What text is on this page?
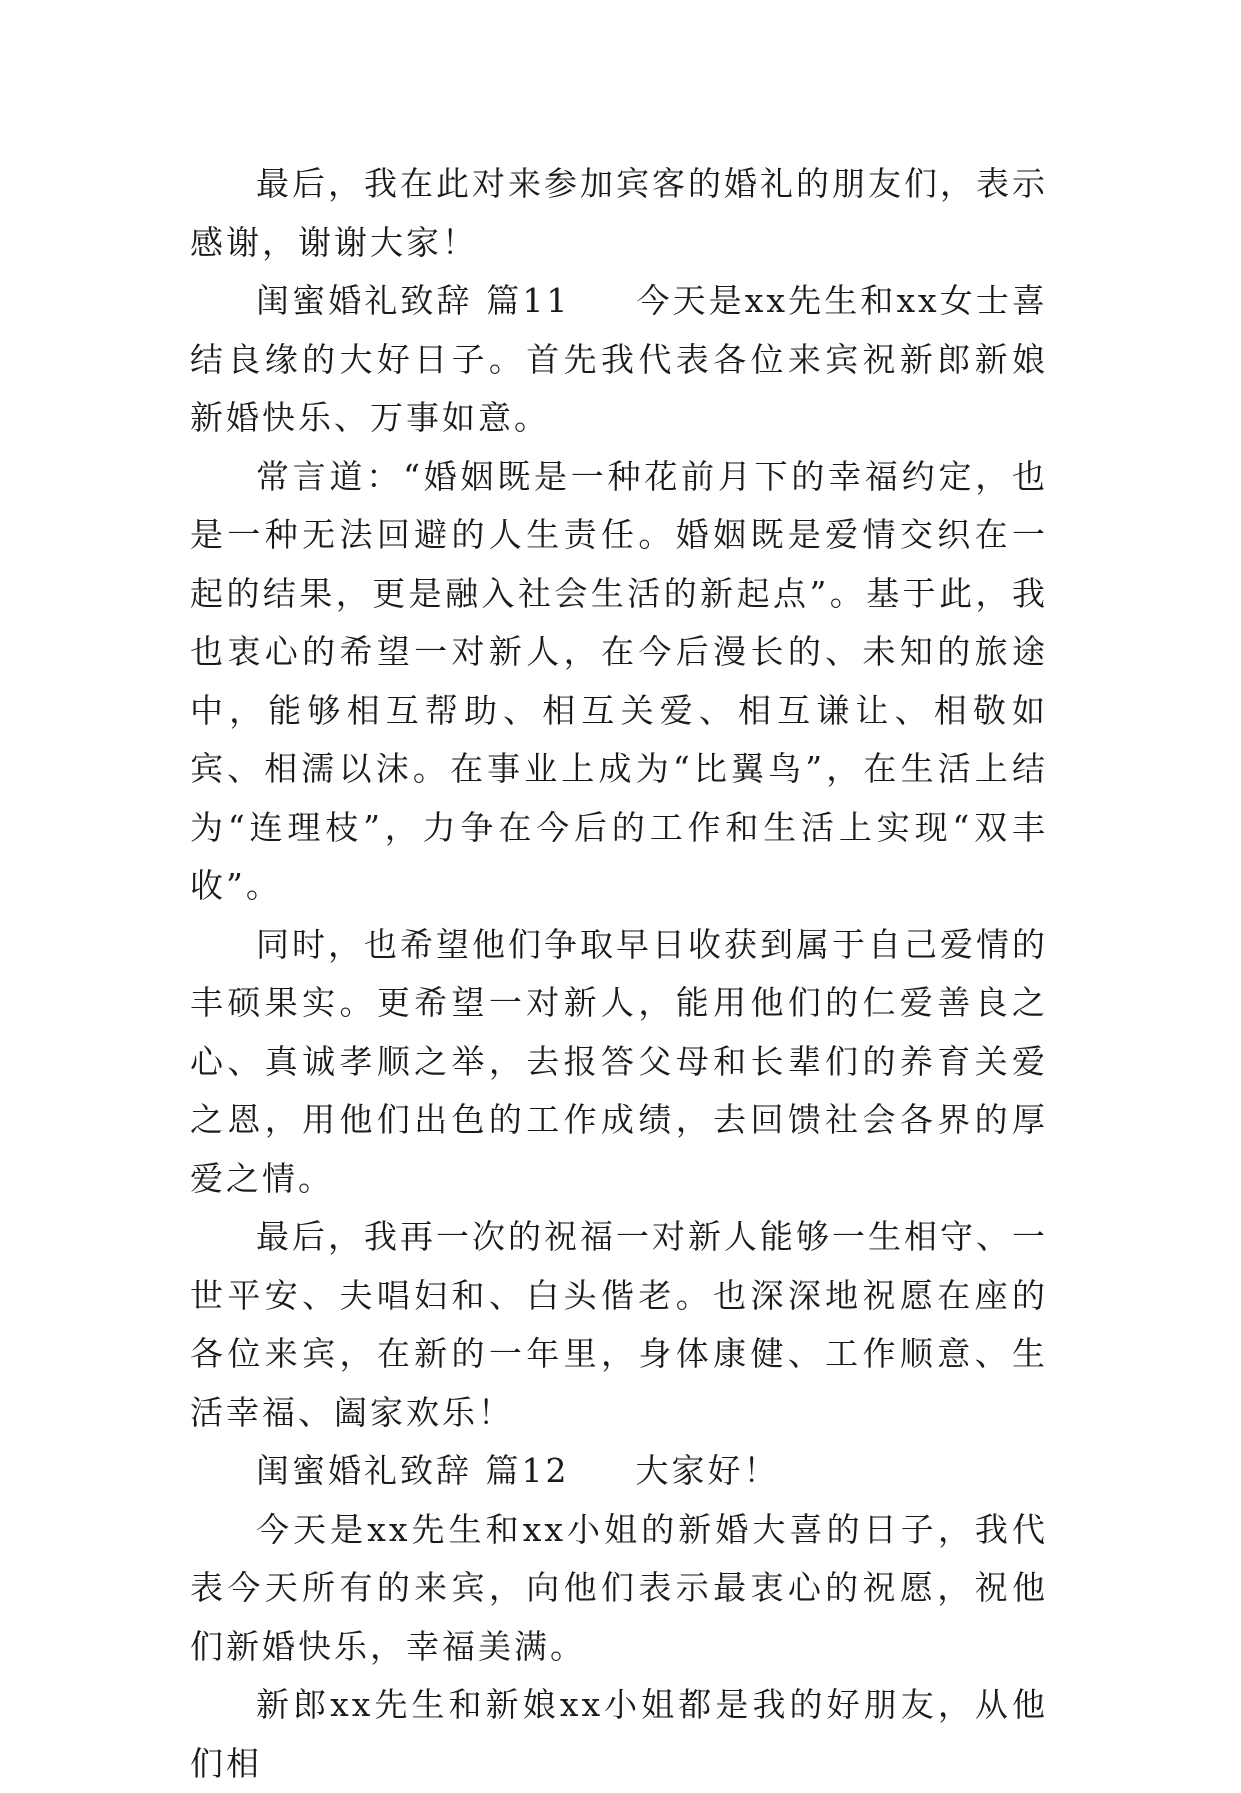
最后，我在此对来参加宾客的婚礼的朋友们，表示感谢，谢谢大家！

闺蜜婚礼致辞 篇11 今天是xx先生和xx女士喜结良缘的大好日子。首先我代表各位来宾祝新郎新娘新婚快乐、万事如意。

常言道：“婚姻既是一种花前月下的幸福约定，也是一种无法回避的人生责任。婚姻既是爱情交织在一起的结果，更是融入社会生活的新起点”。基于此，我也衷心的希望一对新人，在今后漫长的、未知的旅途中，能够相互帮助、相互关爱、相互谦让、相敬如宾、相濡以沫。在事业上成为“比翼鸟”，在生活上结为“连理枝”，力争在今后的工作和生活上实现“双丰收”。

同时，也希望他们争取早日收获到属于自己爱情的丰硕果实。更希望一对新人，能用他们的仁爱善良之心、真诚孝顺之举，去报答父母和长辈们的养育关爱之恩，用他们出色的工作成绩，去回馈社会各界的厚爱之情。

最后，我再一次的祝福一对新人能够一生相守、一世平安、夫唱妇和、白头偕老。也深深地祝愿在座的各位来宾，在新的一年里，身体康健、工作顺意、生活幸福、阖家欢乐！

闺蜜婚礼致辞 篇12 大家好！

今天是xx先生和xx小姐的新婚大喜的日子，我代表今天所有的来宾，向他们表示最衷心的祝愿，祝他们新婚快乐，幸福美满。

新郎xx先生和新娘xx小姐都是我的好朋友，从他们相
